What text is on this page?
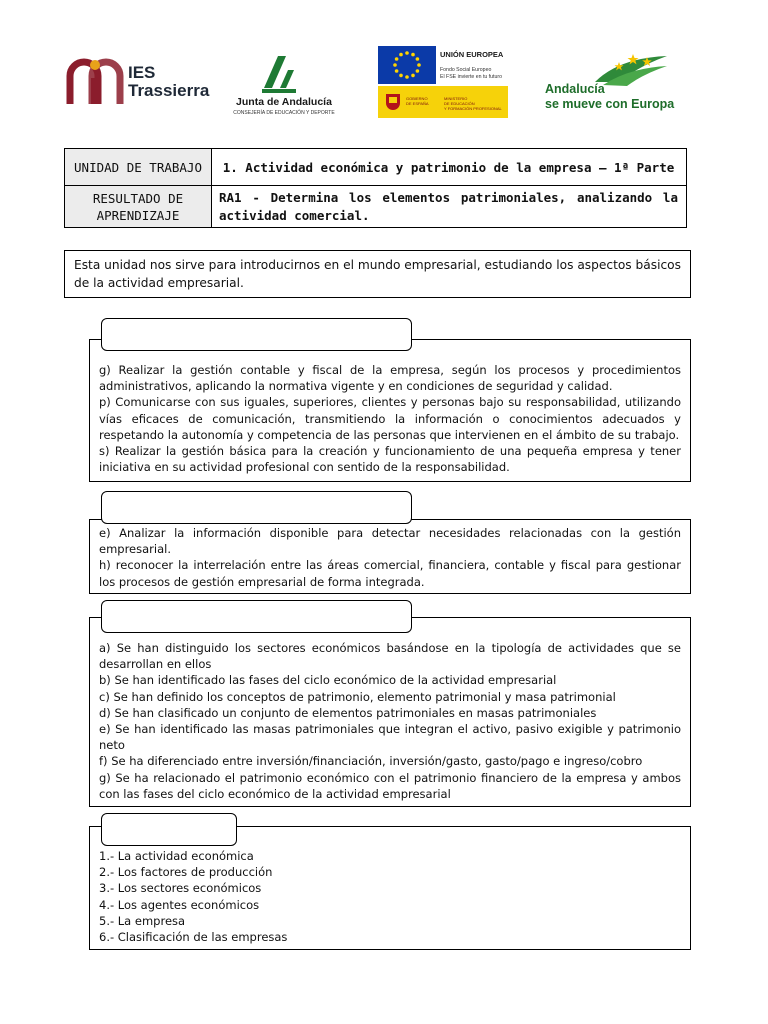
IES
Trassierra
Junta de Andalucía
CONSEJERÍA DE EDUCACIÓN Y DEPORTE
UNIÓN EUROPEA
Fondo Social Europeo
El FSE invierte en tu futuro
GOBIERNO
DE ESPAÑA
MINISTERIO
DE EDUCACIÓN
Y FORMACIÓN PROFESIONAL
Andalucía
se mueve con Europa
UNIDAD DE TRABAJO	1. Actividad económica y patrimonio de la empresa – 1ª Parte
RESULTADO DE APRENDIZAJE
RA1 - Determina los elementos patrimoniales, analizando la actividad comercial.
Esta unidad nos sirve para introducirnos en el mundo empresarial, estudiando los aspectos básicos de la actividad empresarial.

g) Realizar la gestión contable y fiscal de la empresa, según los procesos y procedimientos administrativos, aplicando la normativa vigente y en condiciones de seguridad y calidad.

p) Comunicarse con sus iguales, superiores, clientes y personas bajo su responsabilidad, utilizando vías eficaces de comunicación, transmitiendo la información o conocimientos adecuados y respetando la autonomía y competencia de las personas que intervienen en el ámbito de su trabajo.

s) Realizar la gestión básica para la creación y funcionamiento de una pequeña empresa y tener iniciativa en su actividad profesional con sentido de la responsabilidad.

e) Analizar la información disponible para detectar necesidades relacionadas con la gestión empresarial.

h) reconocer la interrelación entre las áreas comercial, financiera, contable y fiscal para gestionar los procesos de gestión empresarial de forma integrada.

a) Se han distinguido los sectores económicos basándose en la tipología de actividades que se desarrollan en ellos

b) Se han identificado las fases del ciclo económico de la actividad empresarial

c) Se han definido los conceptos de patrimonio, elemento patrimonial y masa patrimonial

d) Se han clasificado un conjunto de elementos patrimoniales en masas patrimoniales

e) Se han identificado las masas patrimoniales que integran el activo, pasivo exigible y patrimonio neto

f) Se ha diferenciado entre inversión/financiación, inversión/gasto, gasto/pago e ingreso/cobro

g) Se ha relacionado el patrimonio económico con el patrimonio financiero de la empresa y ambos con las fases del ciclo económico de la actividad empresarial

1.- La actividad económica

2.- Los factores de producción

3.- Los sectores económicos

4.- Los agentes económicos

5.- La empresa

6.- Clasificación de las empresas
